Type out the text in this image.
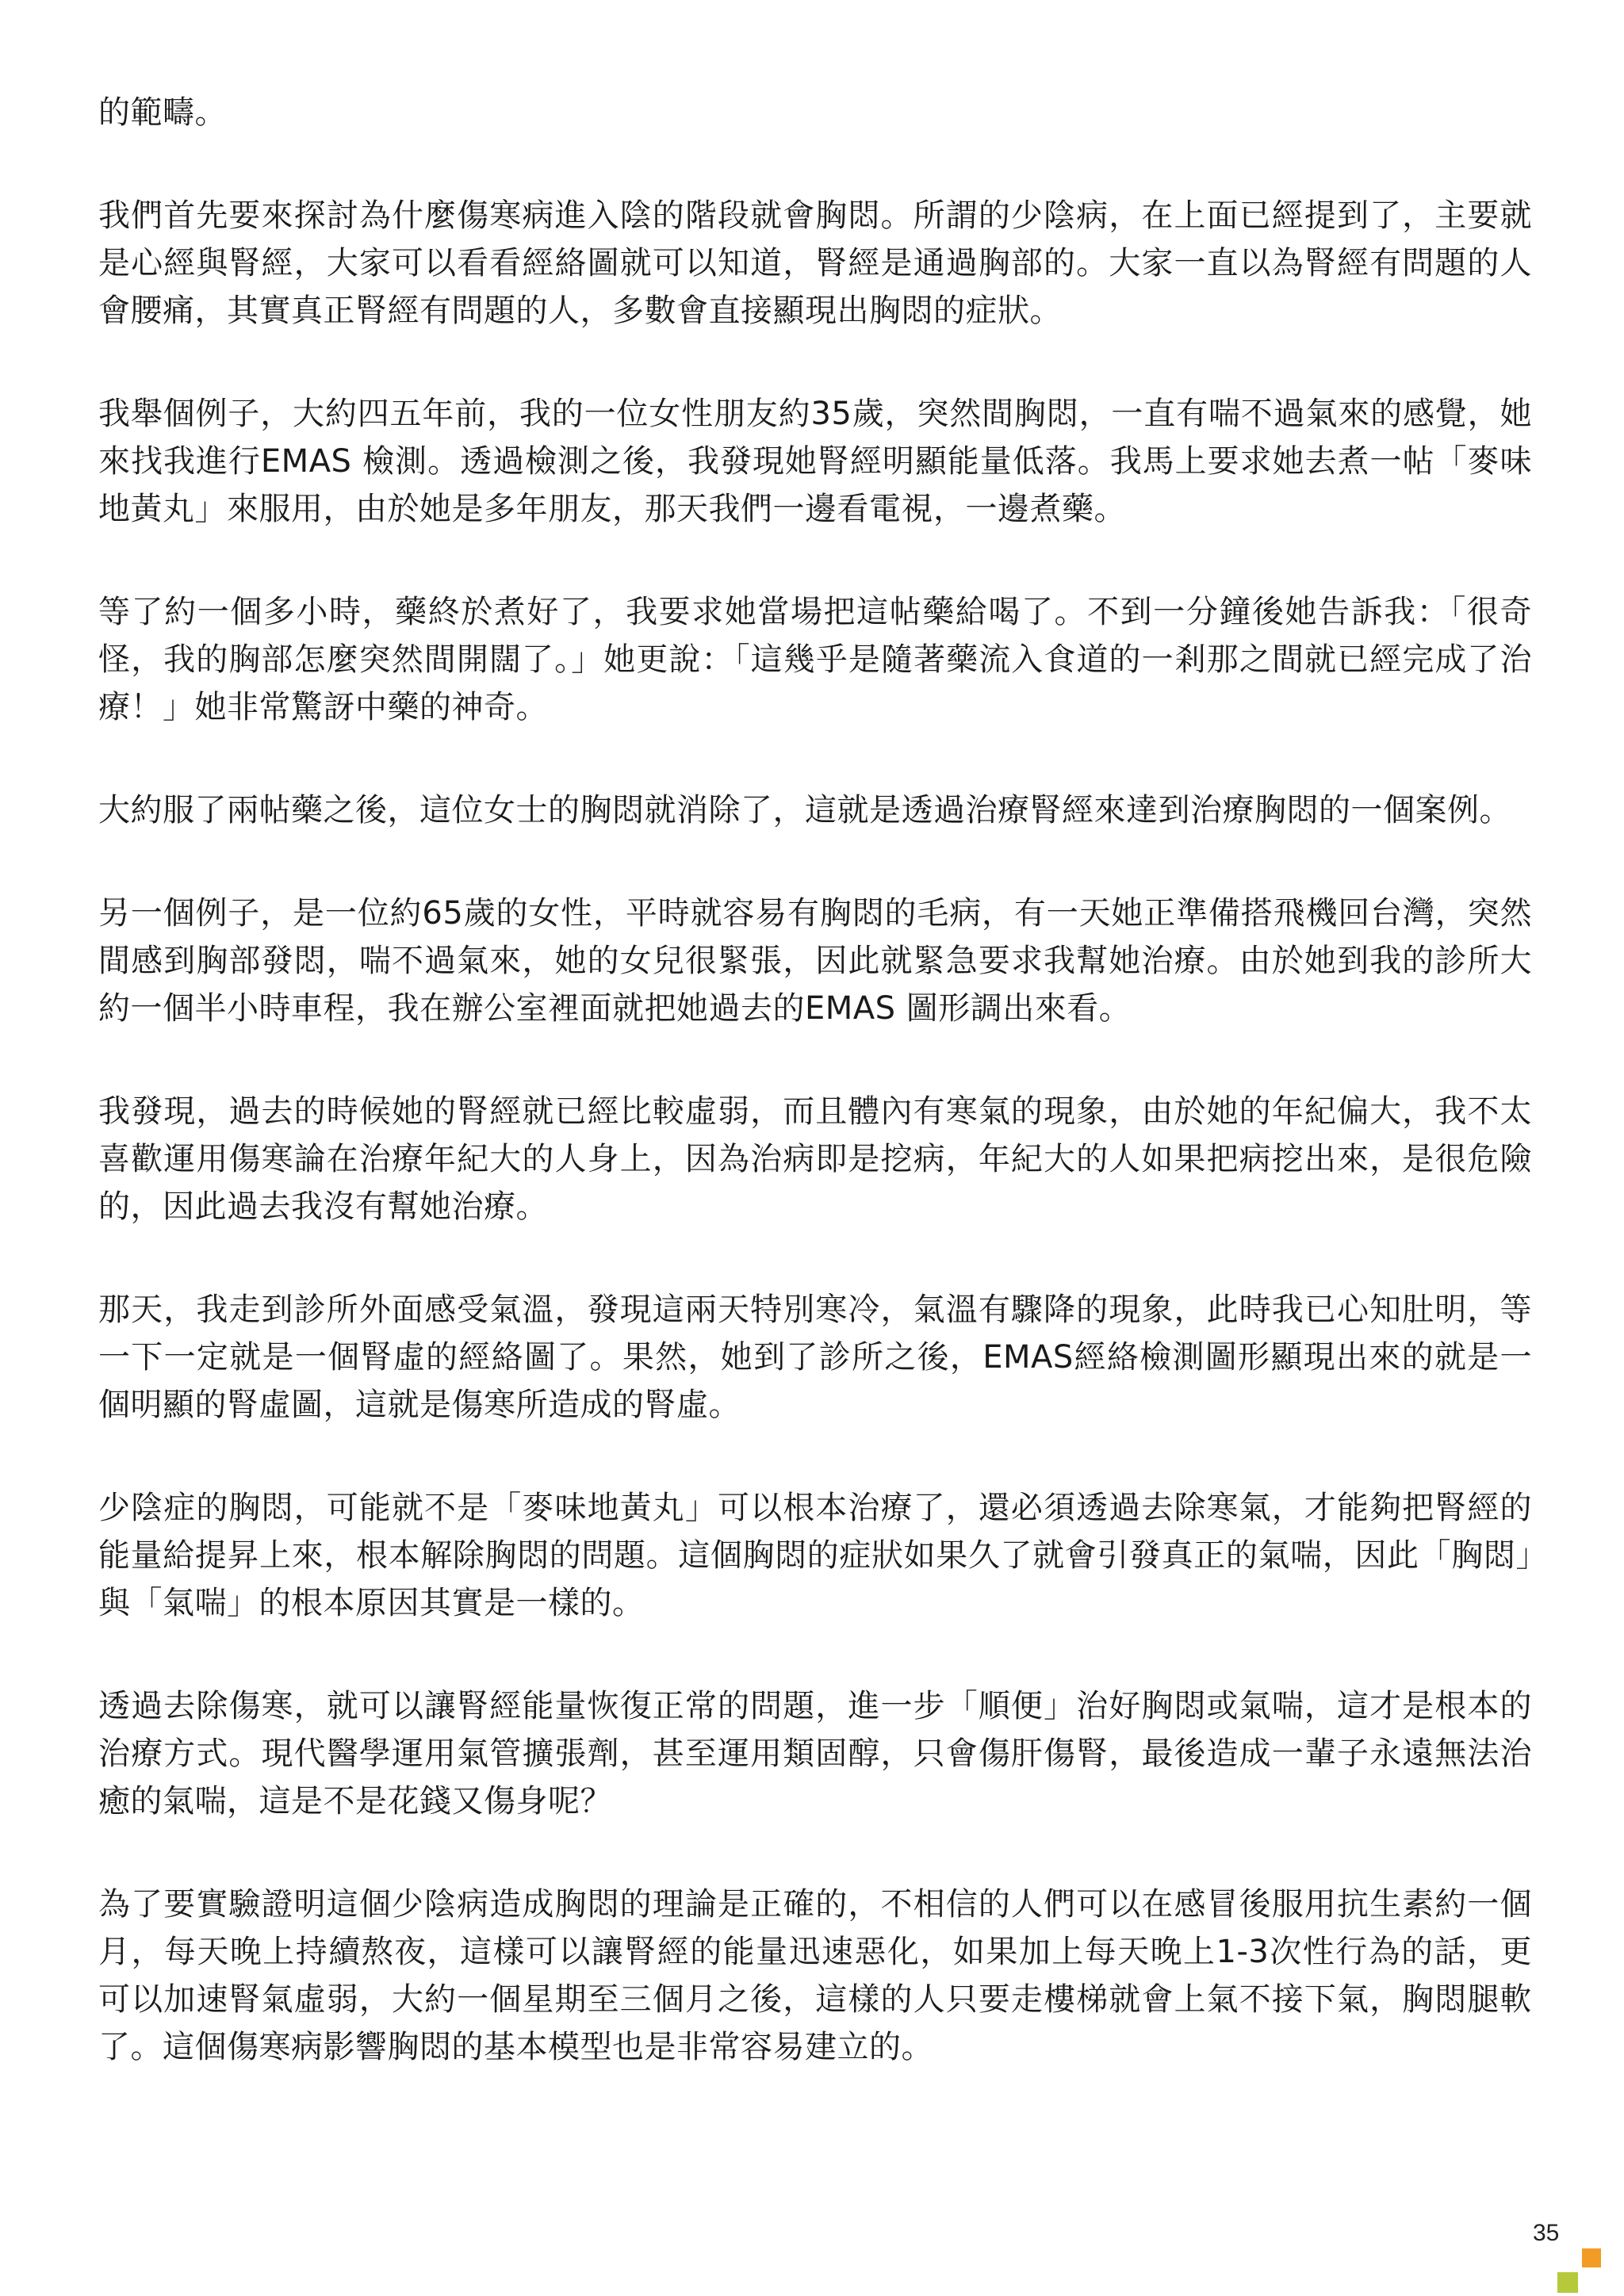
的範疇。

我們首先要來探討為什麼傷寒病進入陰的階段就會胸悶。所謂的少陰病，在上面已經提到了，主要就是心經與腎經，大家可以看看經絡圖就可以知道，腎經是通過胸部的。大家一直以為腎經有問題的人會腰痛，其實真正腎經有問題的人，多數會直接顯現出胸悶的症狀。

我舉個例子，大約四五年前，我的一位女性朋友約35歲，突然間胸悶，一直有喘不過氣來的感覺，她來找我進行EMAS 檢測。透過檢測之後，我發現她腎經明顯能量低落。我馬上要求她去煮一帖「麥味地黃丸」來服用，由於她是多年朋友，那天我們一邊看電視，一邊煮藥。

等了約一個多小時，藥終於煮好了，我要求她當場把這帖藥給喝了。不到一分鐘後她告訴我：「很奇怪，我的胸部怎麼突然間開闊了。」她更說：「這幾乎是隨著藥流入食道的一剎那之間就已經完成了治療！」她非常驚訝中藥的神奇。

大約服了兩帖藥之後，這位女士的胸悶就消除了，這就是透過治療腎經來達到治療胸悶的一個案例。

另一個例子，是一位約65歲的女性，平時就容易有胸悶的毛病，有一天她正準備搭飛機回台灣，突然間感到胸部發悶，喘不過氣來，她的女兒很緊張，因此就緊急要求我幫她治療。由於她到我的診所大約一個半小時車程，我在辦公室裡面就把她過去的EMAS 圖形調出來看。

我發現，過去的時候她的腎經就已經比較虛弱，而且體內有寒氣的現象，由於她的年紀偏大，我不太喜歡運用傷寒論在治療年紀大的人身上，因為治病即是挖病，年紀大的人如果把病挖出來，是很危險的，因此過去我沒有幫她治療。

那天，我走到診所外面感受氣溫，發現這兩天特別寒冷，氣溫有驟降的現象，此時我已心知肚明，等一下一定就是一個腎虛的經絡圖了。果然，她到了診所之後，EMAS經絡檢測圖形顯現出來的就是一個明顯的腎虛圖，這就是傷寒所造成的腎虛。

少陰症的胸悶，可能就不是「麥味地黃丸」可以根本治療了，還必須透過去除寒氣，才能夠把腎經的能量給提昇上來，根本解除胸悶的問題。這個胸悶的症狀如果久了就會引發真正的氣喘，因此「胸悶」與「氣喘」的根本原因其實是一樣的。

透過去除傷寒，就可以讓腎經能量恢復正常的問題，進一步「順便」治好胸悶或氣喘，這才是根本的治療方式。現代醫學運用氣管擴張劑，甚至運用類固醇，只會傷肝傷腎，最後造成一輩子永遠無法治癒的氣喘，這是不是花錢又傷身呢？

為了要實驗證明這個少陰病造成胸悶的理論是正確的，不相信的人們可以在感冒後服用抗生素約一個月，每天晚上持續熬夜，這樣可以讓腎經的能量迅速惡化，如果加上每天晚上1-3次性行為的話，更可以加速腎氣虛弱，大約一個星期至三個月之後，這樣的人只要走樓梯就會上氣不接下氣，胸悶腿軟了。這個傷寒病影響胸悶的基本模型也是非常容易建立的。

35
